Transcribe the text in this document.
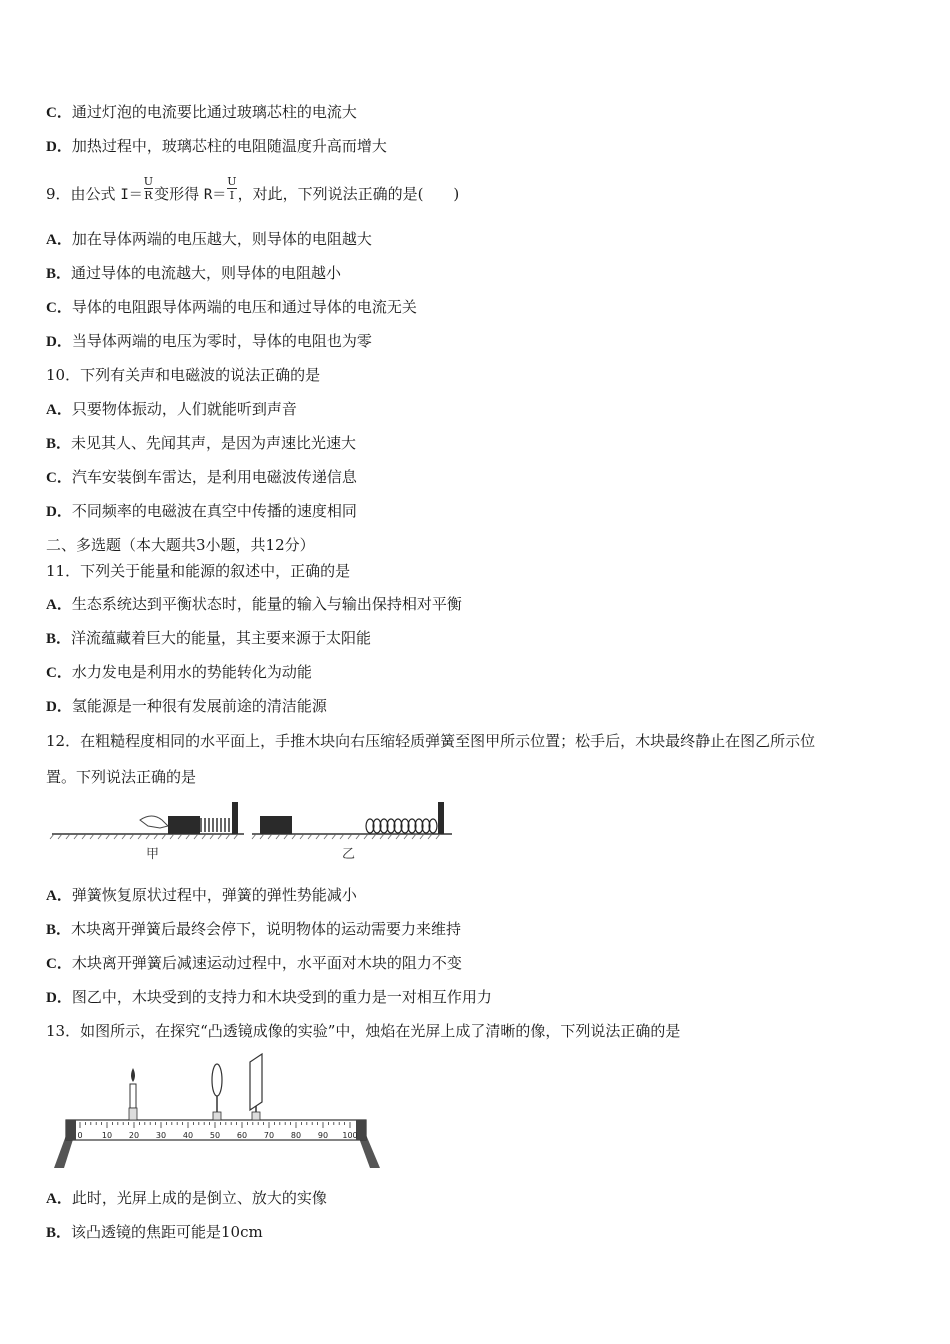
C．通过灯泡的电流要比通过玻璃芯柱的电流大
D．加热过程中，玻璃芯柱的电阻随温度升高而增大
9．由公式 $I= \frac{U}{R}$ 变形得 $R= \frac{U}{I}$ ，对此，下列说法正确的是(　　)
A．加在导体两端的电压越大，则导体的电阻越大
B．通过导体的电流越大，则导体的电阻越小
C．导体的电阻跟导体两端的电压和通过导体的电流无关
D．当导体两端的电压为零时，导体的电阻也为零
10．下列有关声和电磁波的说法正确的是
A．只要物体振动，人们就能听到声音
B．未见其人、先闻其声，是因为声速比光速大
C．汽车安装倒车雷达，是利用电磁波传递信息
D．不同频率的电磁波在真空中传播的速度相同
二、多选题（本大题共3小题，共12分）
11．下列关于能量和能源的叙述中，正确的是
A．生态系统达到平衡状态时，能量的输入与输出保持相对平衡
B．洋流蕴藏着巨大的能量，其主要来源于太阳能
C．水力发电是利用水的势能转化为动能
D．氢能源是一种很有发展前途的清洁能源
12．在粗糙程度相同的水平面上，手推木块向右压缩轻质弹簧至图甲所示位置；松手后，木块最终静止在图乙所示位
置。下列说法正确的是
甲	乙
A．弹簧恢复原状过程中，弹簧的弹性势能减小
B．木块离开弹簧后最终会停下，说明物体的运动需要力来维持
C．木块离开弹簧后减速运动过程中，水平面对木块的阻力不变
D．图乙中，木块受到的支持力和木块受到的重力是一对相互作用力
13．如图所示，在探究“凸透镜成像的实验”中，烛焰在光屏上成了清晰的像，下列说法正确的是
0 10 20 30 40 50 60 70 80 90 100
A．此时，光屏上成的是倒立、放大的实像
B．该凸透镜的焦距可能是10cm
